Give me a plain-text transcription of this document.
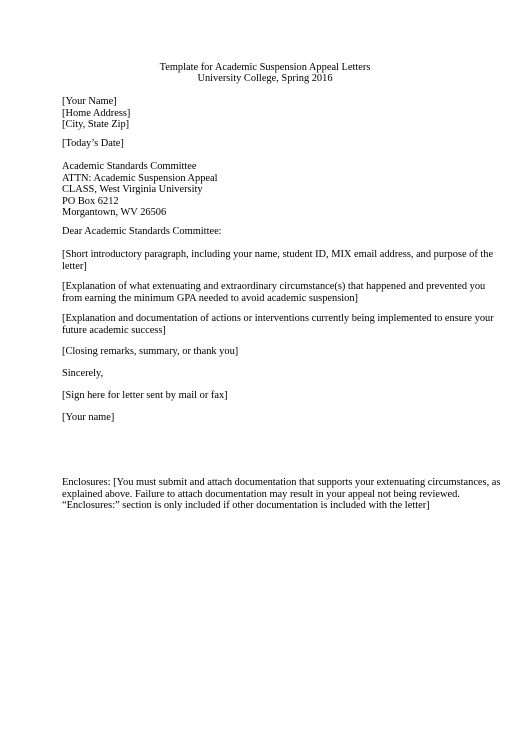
Template for Academic Suspension Appeal Letters
University College, Spring 2016
[Your Name]
[Home Address]
[City, State Zip]
[Today’s Date]
Academic Standards Committee
ATTN: Academic Suspension Appeal
CLASS, West Virginia University
PO Box 6212
Morgantown, WV 26506
Dear Academic Standards Committee:
[Short introductory paragraph, including your name, student ID, MIX email address, and purpose of the
letter]
[Explanation of what extenuating and extraordinary circumstance(s) that happened and prevented you
from earning the minimum GPA needed to avoid academic suspension]
[Explanation and documentation of actions or interventions currently being implemented to ensure your
future academic success]
[Closing remarks, summary, or thank you]
Sincerely,
[Sign here for letter sent by mail or fax]
[Your name]
Enclosures: [You must submit and attach documentation that supports your extenuating circumstances, as
explained above. Failure to attach documentation may result in your appeal not being reviewed.
“Enclosures:” section is only included if other documentation is included with the letter]
